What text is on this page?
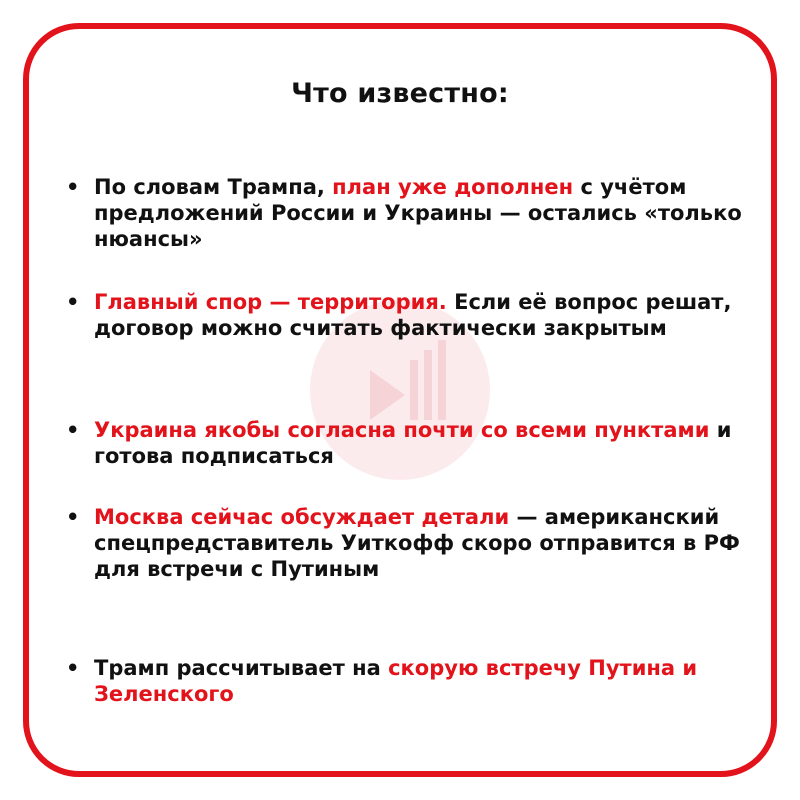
Что известно:
• По словам Трампа, план уже дополнен с учётом предложений России и Украины — остались «только нюансы»
• Главный спор — территория. Если её вопрос решат, договор можно считать фактически закрытым
• Украина якобы согласна почти со всеми пунктами и готова подписаться
• Москва сейчас обсуждает детали — американский спецпредставитель Уиткофф скоро отправится в РФ для встречи с Путиным
• Трамп рассчитывает на скорую встречу Путина и Зеленского
